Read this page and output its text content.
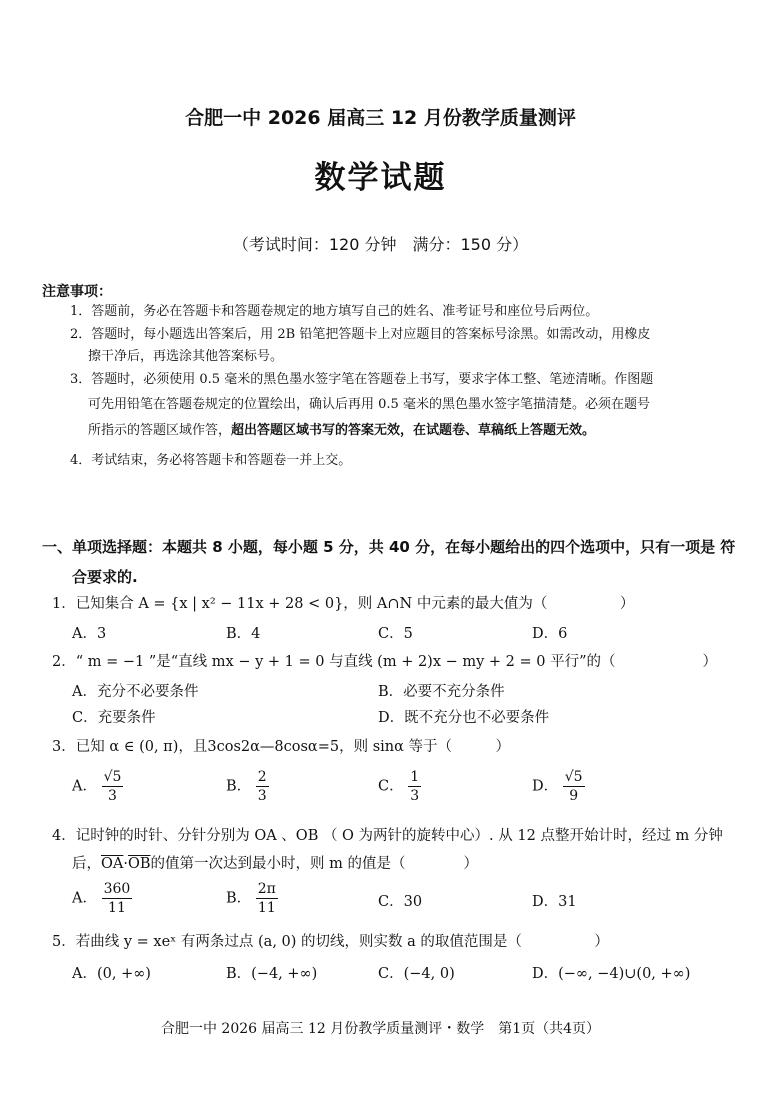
合肥一中 2026 届高三 12 月份教学质量测评
数学试题
（考试时间：120 分钟　满分：150 分）
注意事项：
1．答题前，务必在答题卡和答题卷规定的地方填写自己的姓名、准考证号和座位号后两位。
2．答题时，每小题选出答案后，用 2B 铅笔把答题卡上对应题目的答案标号涂黑。如需改动，用橡皮
擦干净后，再选涂其他答案标号。
3．答题时，必须使用 0.5 毫米的黑色墨水签字笔在答题卷上书写，要求字体工整、笔迹清晰。作图题
可先用铅笔在答题卷规定的位置绘出，确认后再用 0.5 毫米的黑色墨水签字笔描清楚。必须在题号
所指示的答题区域作答，超出答题区域书写的答案无效，在试题卷、草稿纸上答题无效。
4．考试结束，务必将答题卡和答题卷一并上交。
一、单项选择题：本题共 8 小题，每小题 5 分，共 40 分，在每小题给出的四个选项中，只有一项是 符
合要求的.
1．已知集合 A = {x | x² − 11x + 28 < 0}，则 A∩N 中元素的最大值为（　　　　　）
A．3	B．4	C．5	D．6
2．“ m = −1 ”是“直线 mx − y + 1 = 0 与直线 (m + 2)x − my + 2 = 0 平行”的（　　　　　　）
A．充分不必要条件	B．必要不充分条件
C．充要条件	D．既不充分也不必要条件
3．已知 α ∈ (0, π)，且3cos2α—8cosα=5，则 sinα 等于（　　　）
A． $\frac{√5}{3}$	B． $\frac{2}{3}$	C． $\frac{1}{3}$	D． $\frac{√5}{9}$
4．记时钟的时针、分针分别为 OA 、OB （ O 为两针的旋转中心）. 从 12 点整开始计时，经过 m 分钟
后，$\overline{OA}\cdot\overline{OB}$的值第一次达到最小时，则 m 的值是（　　　　）
A． $\frac{360}{11}$	B． $\frac{2\pi}{11}$	C．30	D．31
5．若曲线 y = xeˣ 有两条过点 (a, 0) 的切线，则实数 a 的取值范围是（　　　　　）
A．(0, +∞)	B．(−4, +∞)	C．(−4, 0)	D．(−∞, −4)∪(0, +∞)
合肥一中 2026 届高三 12 月份教学质量测评・数学　第1页（共4页）
